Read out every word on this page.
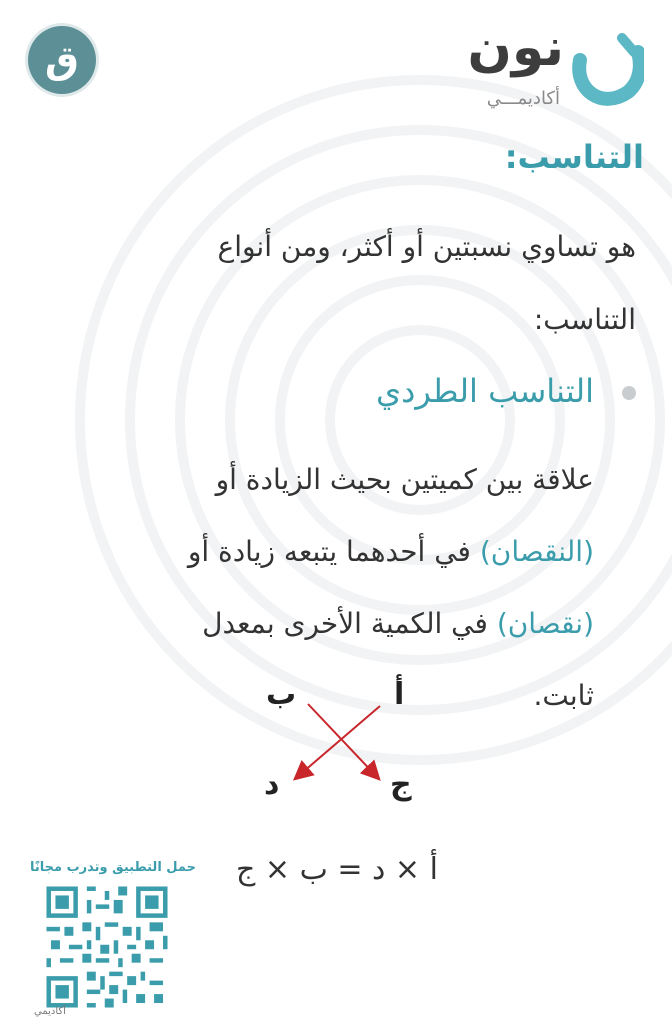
ق	نون
أكاديمـــي
التناسب:
هو تساوي نسبتين أو أكثر، ومن أنواع التناسب:
التناسب الطردي
علاقة بين كميتين بحيث الزيادة أو (النقصان) في أحدهما يتبعه زيادة أو (نقصان) في الكمية الأخرى بمعدل ثابت.
ب	أ
د	ج
أ × د = ب × ج
حمل التطبيق وتدرب مجانًا
أكاديمي
